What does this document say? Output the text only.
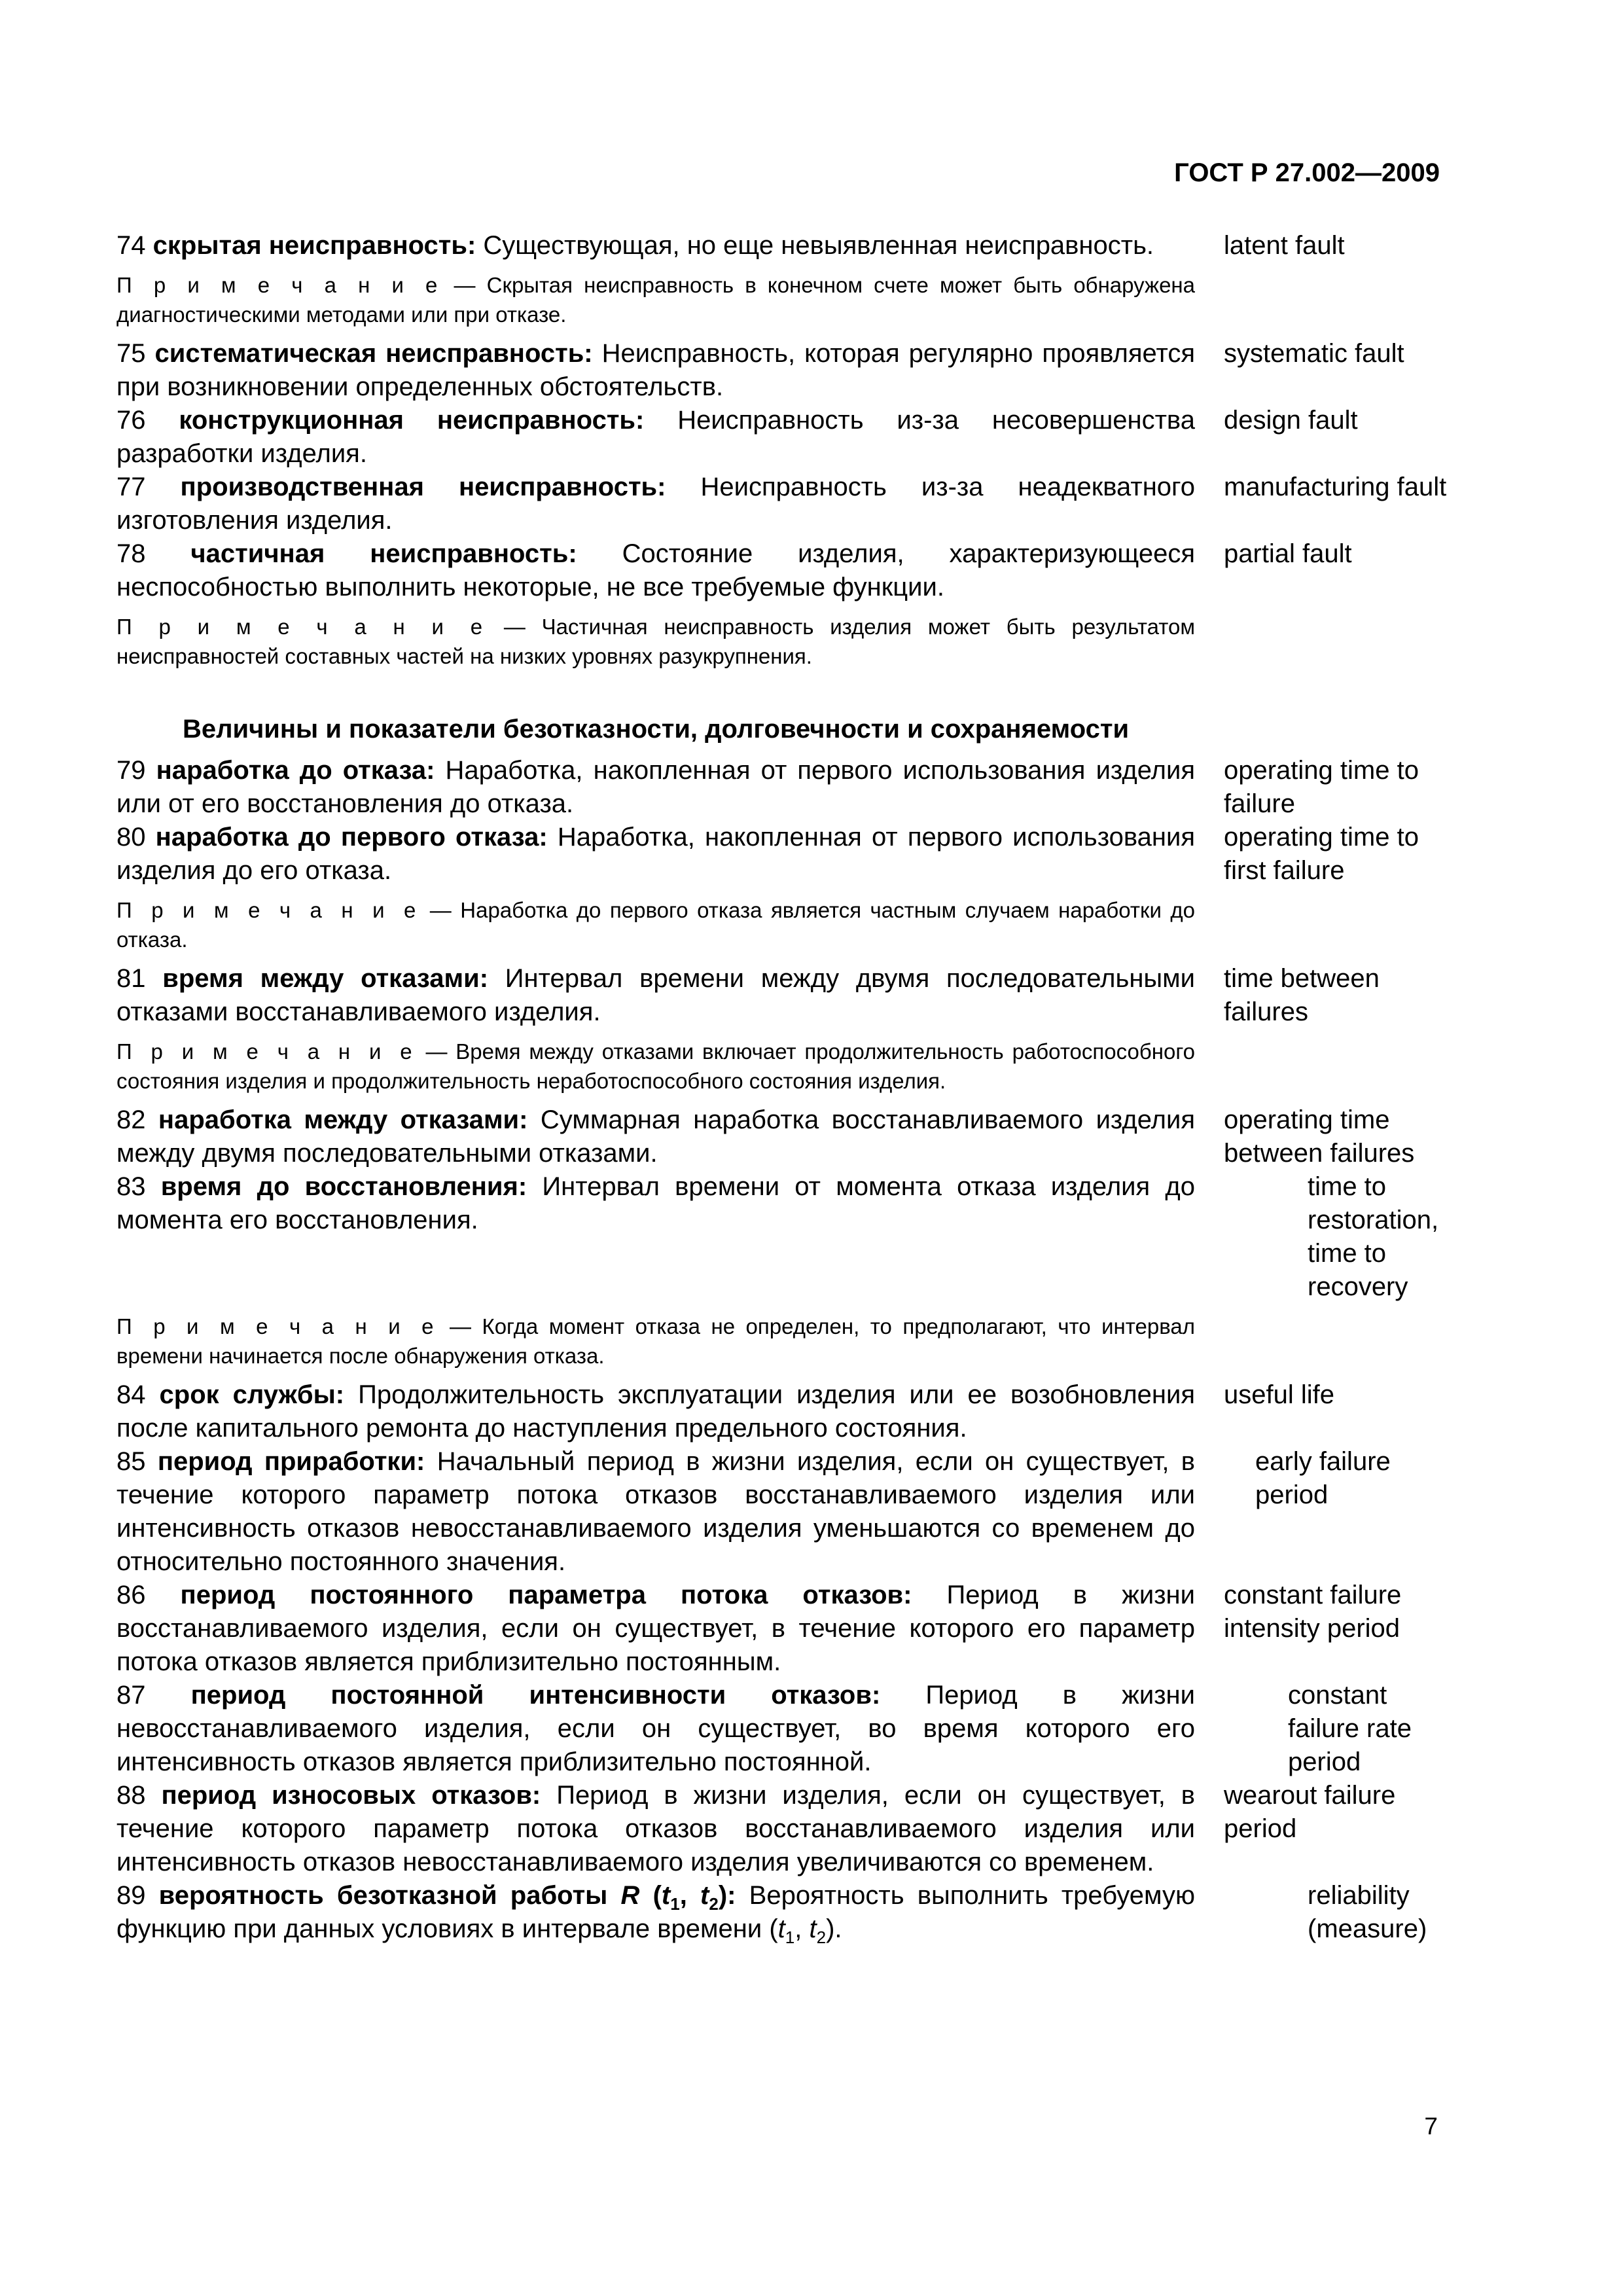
ГОСТ Р 27.002—2009
74 скрытая неисправность: Существующая, но еще невыявленная неисправность.	latent fault
П р и м е ч а н и е — Скрытая неисправность в конечном счете может быть обнаружена диагностическими методами или при отказе.
75 систематическая неисправность: Неисправность, которая регулярно проявляется при возникновении определенных обстоятельств.
systematic fault
76 конструкционная неисправность: Неисправность из-за несовершенства разработки изделия.
design fault
77 производственная неисправность: Неисправность из-за неадекватного изготовления изделия.
manufacturing fault
78 частичная неисправность: Состояние изделия, характеризующееся неспособностью выполнить некоторые, не все требуемые функции.
partial fault
П р и м е ч а н и е — Частичная неисправность изделия может быть результатом неисправностей составных частей на низких уровнях разукрупнения.
Величины и показатели безотказности, долговечности и сохраняемости
79 наработка до отказа: Наработка, накопленная от первого использования изделия или от его восстановления до отказа.
operating time to failure
80 наработка до первого отказа: Наработка, накопленная от первого использования изделия до его отказа.
operating time to first failure
П р и м е ч а н и е — Наработка до первого отказа является частным случаем наработки до отказа.
81 время между отказами: Интервал времени между двумя последовательными отказами восстанавливаемого изделия.
time between failures
П р и м е ч а н и е — Время между отказами включает продолжительность работоспособного состояния изделия и продолжительность неработоспособного состояния изделия.
82 наработка между отказами: Суммарная наработка восстанавливаемого изделия между двумя последовательными отказами.
operating time between failures
83 время до восстановления: Интервал времени от момента отказа изделия до момента его восстановления.
time to restoration, time to recovery
П р и м е ч а н и е — Когда момент отказа не определен, то предполагают, что интервал времени начинается после обнаружения отказа.
84 срок службы: Продолжительность эксплуатации изделия или ее возобновления после капитального ремонта до наступления предельного состояния.
useful life
85 период приработки: Начальный период в жизни изделия, если он существует, в течение которого параметр потока отказов восстанавливаемого изделия или интенсивность отказов невосстанавливаемого изделия уменьшаются со временем до относительно постоянного значения.
early failure period
86 период постоянного параметра потока отказов: Период в жизни восстанавливаемого изделия, если он существует, в течение которого его параметр потока отказов является приблизительно постоянным.
constant failure intensity period
87 период постоянной интенсивности отказов: Период в жизни невосстанавливаемого изделия, если он существует, во время которого его интенсивность отказов является приблизительно постоянной.
constant failure rate period
88 период износовых отказов: Период в жизни изделия, если он существует, в течение которого параметр потока отказов восстанавливаемого изделия или интенсивность отказов невосстанавливаемого изделия увеличиваются со временем.
wearout failure period
89 вероятность безотказной работы R ($t_1$, $t_2$): Вероятность выполнить требуемую функцию при данных условиях в интервале времени ($t_1$, $t_2$).
reliability (measure)
7
